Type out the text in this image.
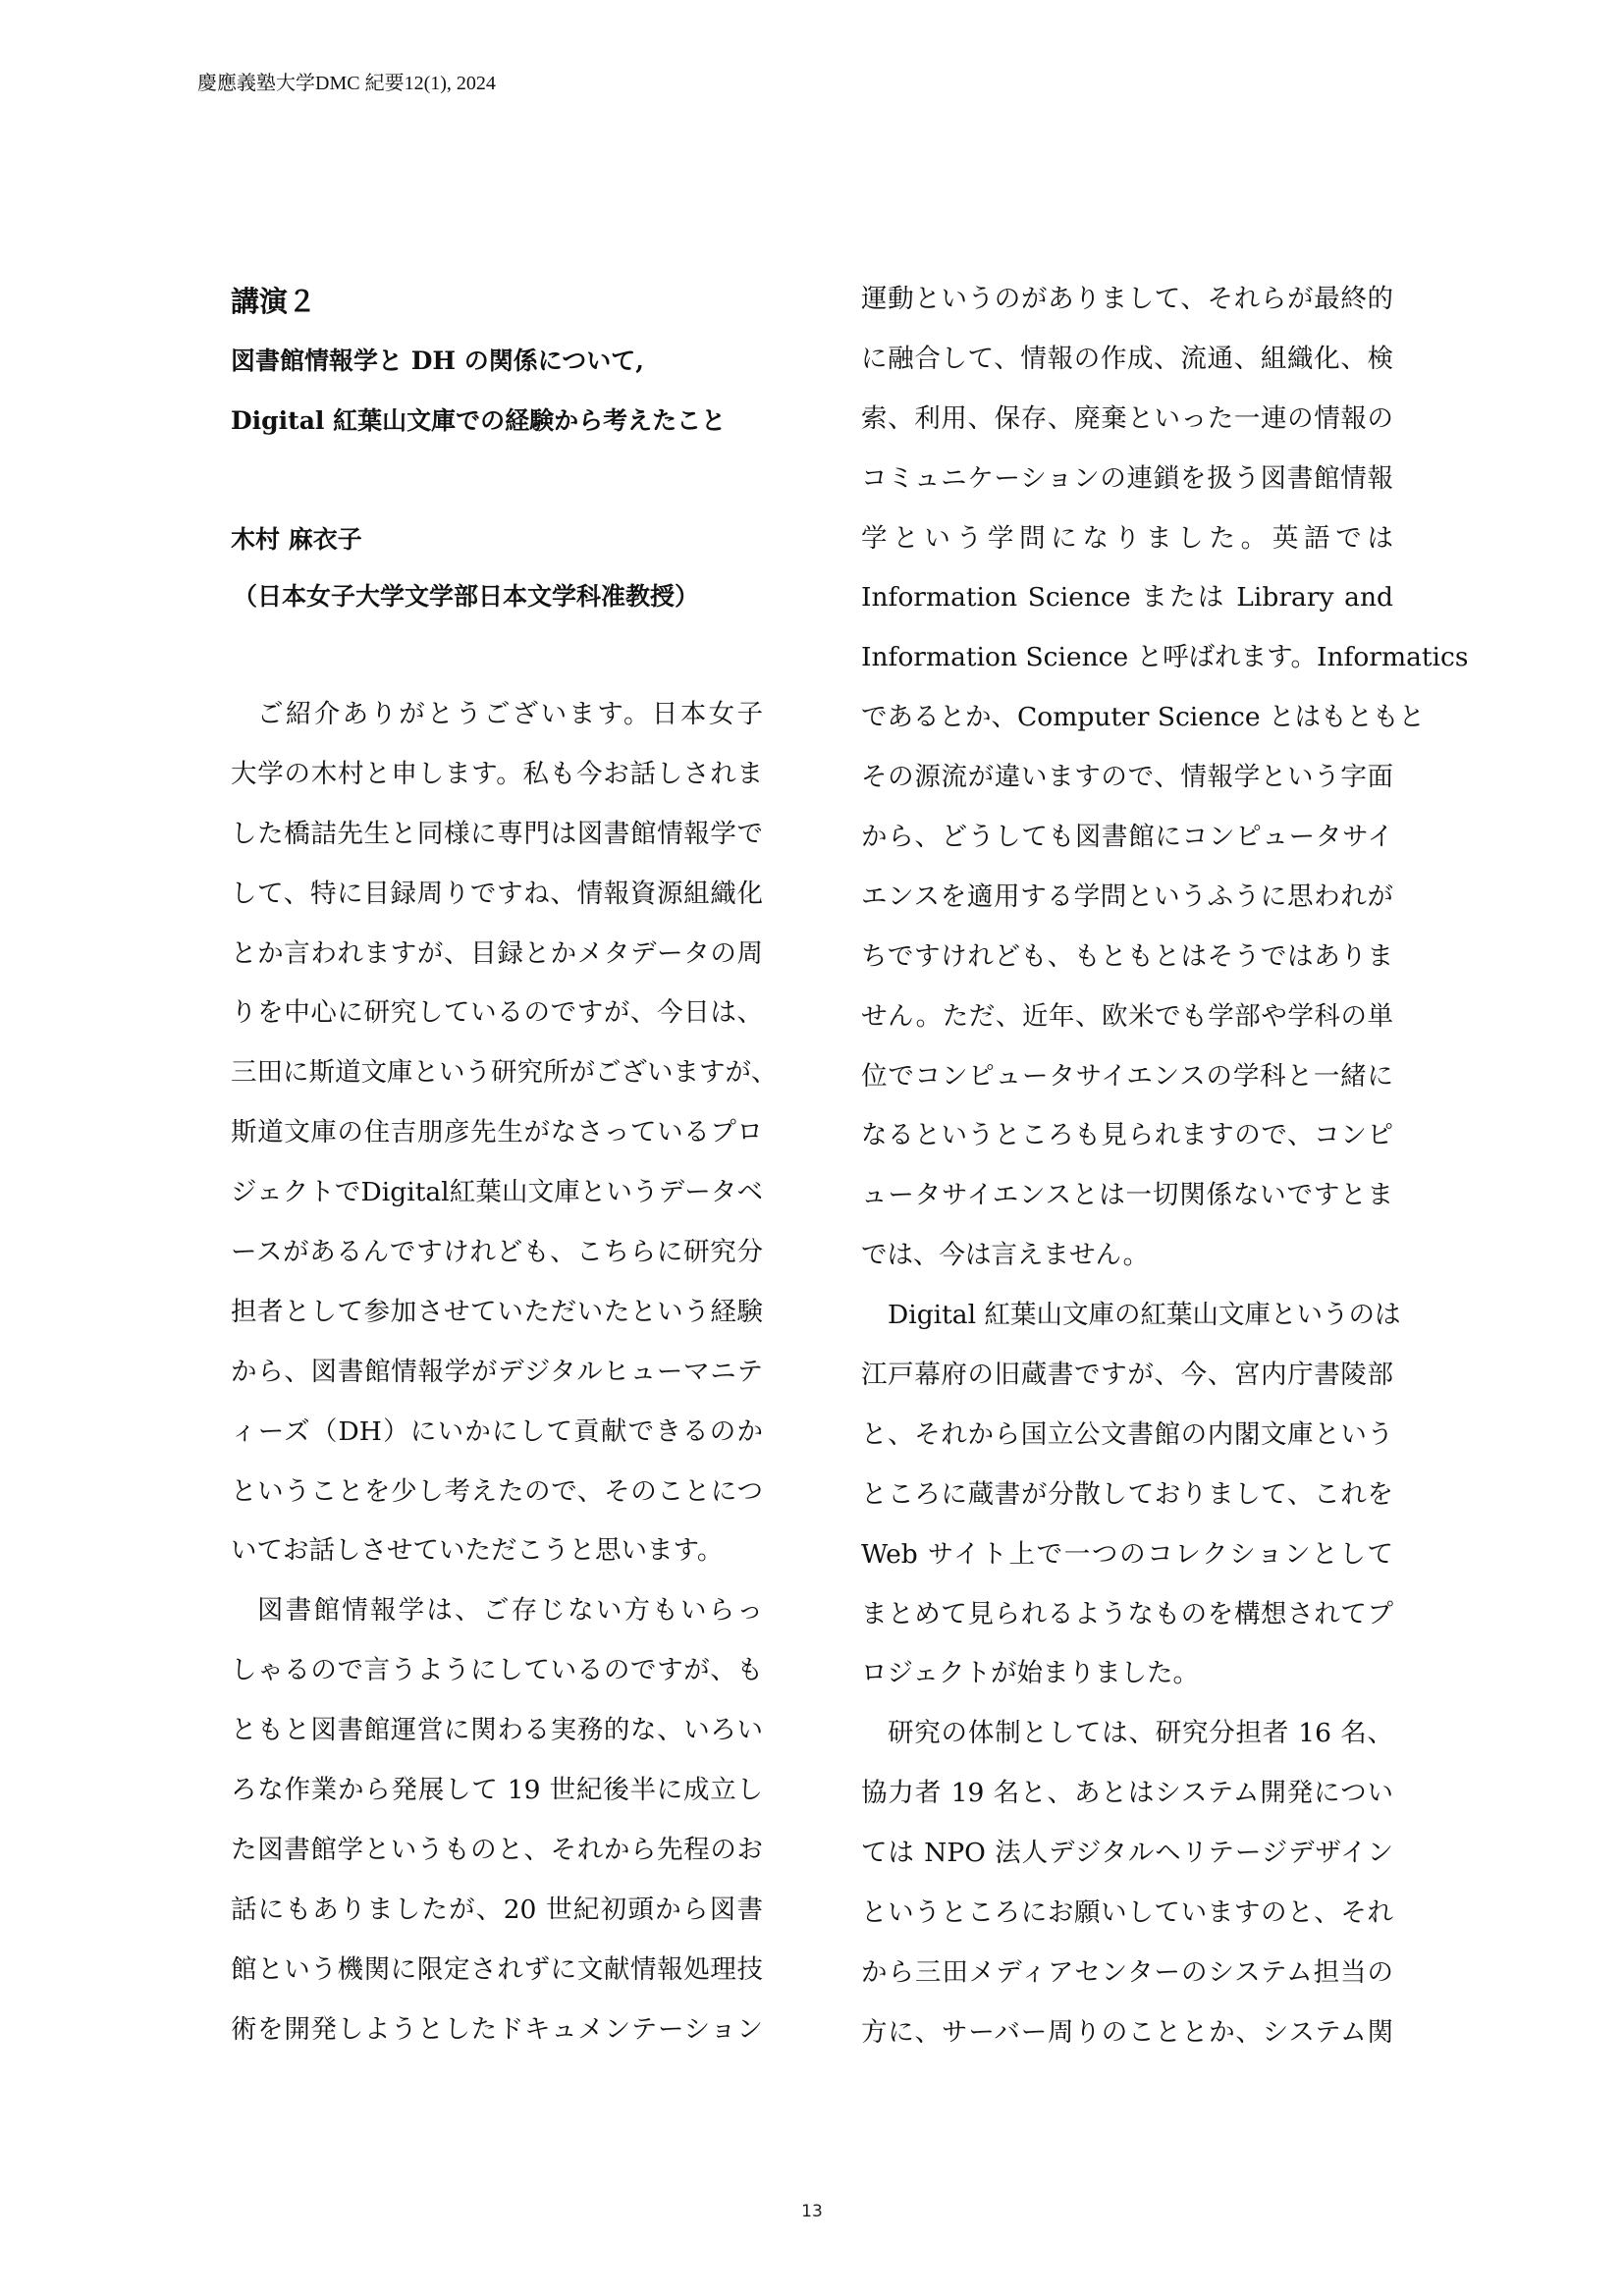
慶應義塾大学DMC 紀要12(1), 2024
講演２
図書館情報学と DH の関係について,
Digital 紅葉山文庫での経験から考えたこと
木村 麻衣子
（日本女子大学文学部日本文学科准教授）
ご紹介ありがとうございます。日本女子
大学の木村と申します。私も今お話しされま
した橋詰先生と同様に専門は図書館情報学で
して、特に目録周りですね、情報資源組織化
とか言われますが、目録とかメタデータの周
りを中心に研究しているのですが、今日は、
三田に斯道文庫という研究所がございますが、
斯道文庫の住吉朋彦先生がなさっているプロ
ジェクトでDigital紅葉山文庫というデータベ
ースがあるんですけれども、こちらに研究分
担者として参加させていただいたという経験
から、図書館情報学がデジタルヒューマニテ
ィーズ（DH）にいかにして貢献できるのか
ということを少し考えたので、そのことにつ
いてお話しさせていただこうと思います。
図書館情報学は、ご存じない方もいらっ
しゃるので言うようにしているのですが、も
ともと図書館運営に関わる実務的な、いろい
ろな作業から発展して 19 世紀後半に成立し
た図書館学というものと、それから先程のお
話にもありましたが、20 世紀初頭から図書
館という機関に限定されずに文献情報処理技
術を開発しようとしたドキュメンテーション
運動というのがありまして、それらが最終的
に融合して、情報の作成、流通、組織化、検
索、利用、保存、廃棄といった一連の情報の
コミュニケーションの連鎖を扱う図書館情報
学という学問になりました。英語では
Information Science または Library and
Information Science と呼ばれます。Informatics
であるとか、Computer Science とはもともと
その源流が違いますので、情報学という字面
から、どうしても図書館にコンピュータサイ
エンスを適用する学問というふうに思われが
ちですけれども、もともとはそうではありま
せん。ただ、近年、欧米でも学部や学科の単
位でコンピュータサイエンスの学科と一緒に
なるというところも見られますので、コンピ
ュータサイエンスとは一切関係ないですとま
では、今は言えません。
Digital 紅葉山文庫の紅葉山文庫というのは
江戸幕府の旧蔵書ですが、今、宮内庁書陵部
と、それから国立公文書館の内閣文庫という
ところに蔵書が分散しておりまして、これを
Web サイト上で一つのコレクションとして
まとめて見られるようなものを構想されてプ
ロジェクトが始まりました。
研究の体制としては、研究分担者 16 名、
協力者 19 名と、あとはシステム開発につい
ては NPO 法人デジタルヘリテージデザイン
というところにお願いしていますのと、それ
から三田メディアセンターのシステム担当の
方に、サーバー周りのこととか、システム関
13
